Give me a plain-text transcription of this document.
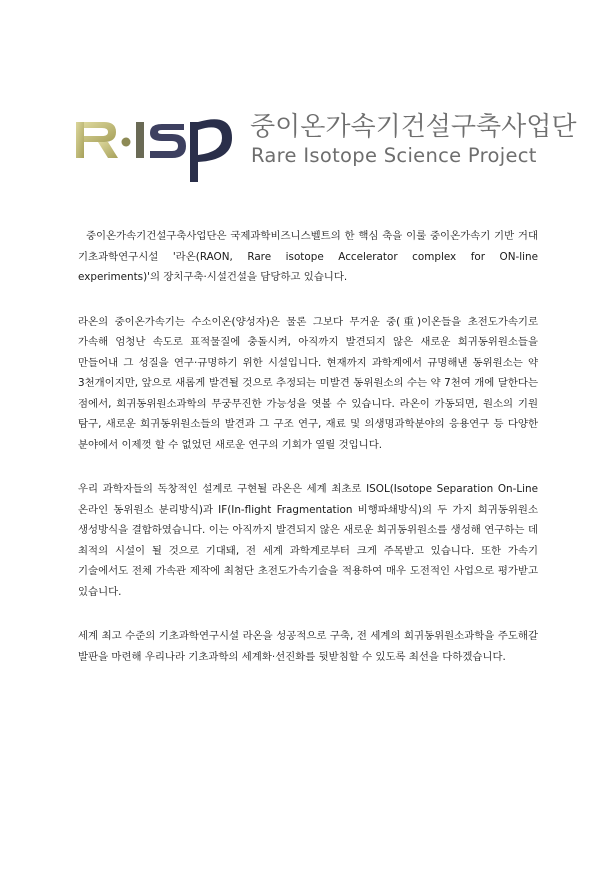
중이온가속기건설구축사업단
Rare Isotope Science Project

중이온가속기건설구축사업단은 국제과학비즈니스벨트의 한 핵심 축을 이룰 중이온가속기 기반 거대 기초과학연구시설 '라온(RAON, Rare isotope Accelerator complex for ON-line experiments)'의 장치구축·시설건설을 담당하고 있습니다.

라온의 중이온가속기는 수소이온(양성자)은 물론 그보다 무거운 중(重)이온들을 초전도가속기로 가속해 엄청난 속도로 표적물질에 충돌시켜, 아직까지 발견되지 않은 새로운 희귀동위원소들을 만들어내 그 성질을 연구·규명하기 위한 시설입니다. 현재까지 과학계에서 규명해낸 동위원소는 약 3천개이지만, 앞으로 새롭게 발견될 것으로 추정되는 미발견 동위원소의 수는 약 7천여 개에 달한다는 점에서, 희귀동위원소과학의 무궁무진한 가능성을 엿볼 수 있습니다. 라온이 가동되면, 원소의 기원 탐구, 새로운 희귀동위원소들의 발견과 그 구조 연구, 재료 및 의생명과학분야의 응용연구 등 다양한 분야에서 이제껏 할 수 없었던 새로운 연구의 기회가 열릴 것입니다.

우리 과학자들의 독창적인 설계로 구현될 라온은 세계 최초로 ISOL(Isotope Separation On-Line 온라인 동위원소 분리방식)과 IF(In-flight Fragmentation 비행파쇄방식)의 두 가지 희귀동위원소 생성방식을 결합하였습니다. 이는 아직까지 발견되지 않은 새로운 희귀동위원소를 생성해 연구하는 데 최적의 시설이 될 것으로 기대돼, 전 세계 과학계로부터 크게 주목받고 있습니다. 또한 가속기 기술에서도 전체 가속관 제작에 최첨단 초전도가속기술을 적용하여 매우 도전적인 사업으로 평가받고 있습니다.

세계 최고 수준의 기초과학연구시설 라온을 성공적으로 구축, 전 세계의 희귀동위원소과학을 주도해갈 발판을 마련해 우리나라 기초과학의 세계화·선진화를 뒷받침할 수 있도록 최선을 다하겠습니다.
